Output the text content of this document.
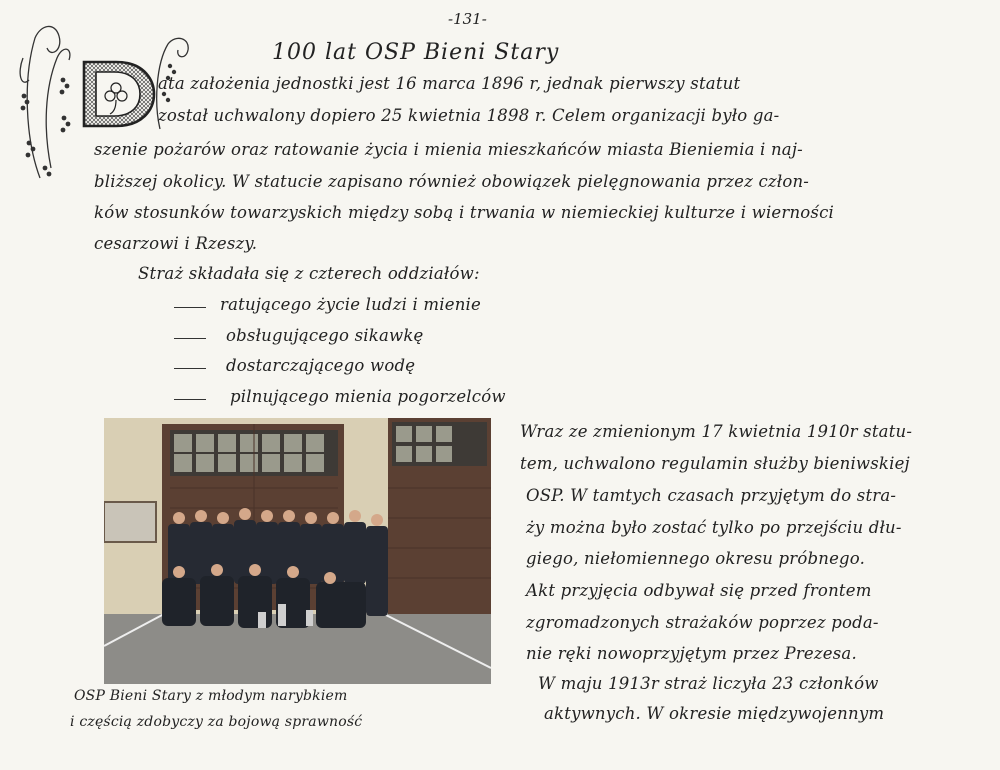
-131-
100 lat OSP Bieni Stary
ata założenia jednostki jest 16 marca 1896 r, jednak pierwszy statut
został uchwalony dopiero 25 kwietnia 1898 r. Celem organizacji było ga-
szenie pożarów oraz ratowanie życia i mienia mieszkańców miasta Bieniemia i naj-
bliższej okolicy. W statucie zapisano również obowiązek pielęgnowania przez człon-
ków stosunków towarzyskich między sobą i trwania w niemieckiej kulturze i wierności
cesarzowi i Rzeszy.
Straż składała się z czterech oddziałów:
ratującego życie ludzi i mienie
obsługującego sikawkę
dostarczającego wodę
pilnującego mienia pogorzelców
OSP Bieni Stary z młodym narybkiem
i częścią zdobyczy za bojową sprawność
Wraz ze zmienionym 17 kwietnia 1910r statu-
tem, uchwalono regulamin służby bieniwskiej
OSP. W tamtych czasach przyjętym do stra-
ży można było zostać tylko po przejściu dłu-
giego, niełomiennego okresu próbnego.
Akt przyjęcia odbywał się przed frontem
zgromadzonych strażaków poprzez poda-
nie ręki nowoprzyjętym przez Prezesa.
W maju 1913r straż liczyła 23 członków
aktywnych. W okresie międzywojennym
